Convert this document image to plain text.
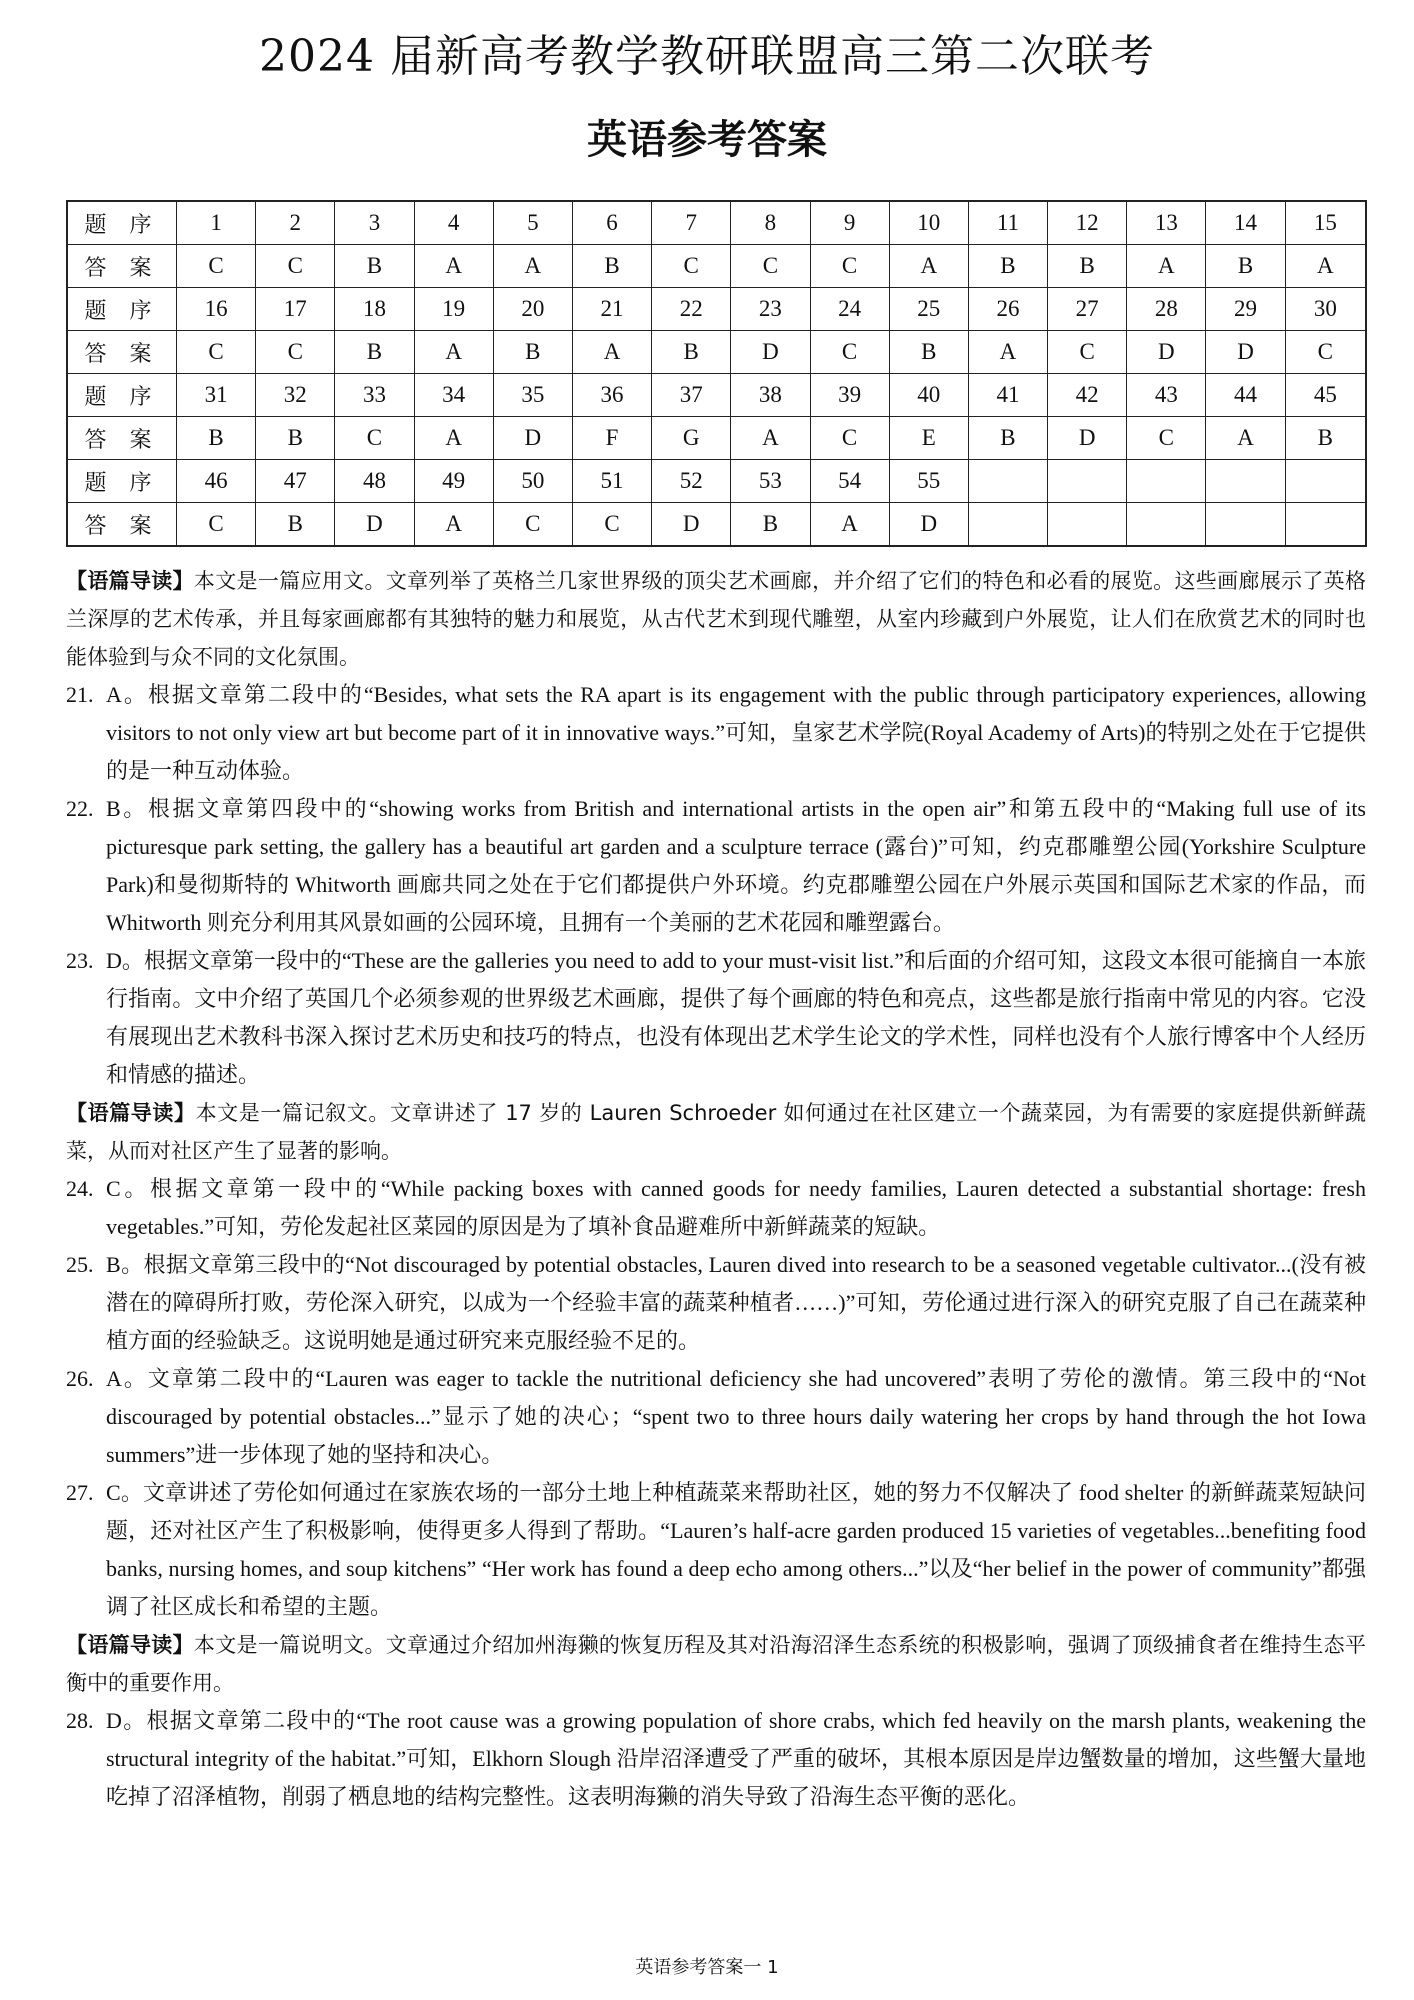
2024 届新高考教学教研联盟高三第二次联考
英语参考答案
题 序	1	2	3	4	5	6	7	8	9	10	11	12	13	14	15
答 案	C	C	B	A	A	B	C	C	C	A	B	B	A	B	A
题 序	16	17	18	19	20	21	22	23	24	25	26	27	28	29	30
答 案	C	C	B	A	B	A	B	D	C	B	A	C	D	D	C
题 序	31	32	33	34	35	36	37	38	39	40	41	42	43	44	45
答 案	B	B	C	A	D	F	G	A	C	E	B	D	C	A	B
题 序	46	47	48	49	50	51	52	53	54	55					
答 案	C	B	D	A	C	C	D	B	A	D					

【语篇导读】本文是一篇应用文。文章列举了英格兰几家世界级的顶尖艺术画廊，并介绍了它们的特色和必看的展览。这些画廊展示了英格兰深厚的艺术传承，并且每家画廊都有其独特的魅力和展览，从古代艺术到现代雕塑，从室内珍藏到户外展览，让人们在欣赏艺术的同时也能体验到与众不同的文化氛围。

21. A。根据文章第二段中的“Besides, what sets the RA apart is its engagement with the public through participatory experiences, allowing visitors to not only view art but become part of it in innovative ways.”可知，皇家艺术学院(Royal Academy of Arts)的特别之处在于它提供的是一种互动体验。

22. B。根据文章第四段中的“showing works from British and international artists in the open air”和第五段中的“Making full use of its picturesque park setting, the gallery has a beautiful art garden and a sculpture terrace (露台)”可知，约克郡雕塑公园(Yorkshire Sculpture Park)和曼彻斯特的 Whitworth 画廊共同之处在于它们都提供户外环境。约克郡雕塑公园在户外展示英国和国际艺术家的作品，而 Whitworth 则充分利用其风景如画的公园环境，且拥有一个美丽的艺术花园和雕塑露台。

23. D。根据文章第一段中的“These are the galleries you need to add to your must-visit list.”和后面的介绍可知，这段文本很可能摘自一本旅行指南。文中介绍了英国几个必须参观的世界级艺术画廊，提供了每个画廊的特色和亮点，这些都是旅行指南中常见的内容。它没有展现出艺术教科书深入探讨艺术历史和技巧的特点，也没有体现出艺术学生论文的学术性，同样也没有个人旅行博客中个人经历和情感的描述。

【语篇导读】本文是一篇记叙文。文章讲述了 17 岁的 Lauren Schroeder 如何通过在社区建立一个蔬菜园，为有需要的家庭提供新鲜蔬菜，从而对社区产生了显著的影响。

24. C。根据文章第一段中的“While packing boxes with canned goods for needy families, Lauren detected a substantial shortage: fresh vegetables.”可知，劳伦发起社区菜园的原因是为了填补食品避难所中新鲜蔬菜的短缺。

25. B。根据文章第三段中的“Not discouraged by potential obstacles, Lauren dived into research to be a seasoned vegetable cultivator...(没有被潜在的障碍所打败，劳伦深入研究，以成为一个经验丰富的蔬菜种植者……)”可知，劳伦通过进行深入的研究克服了自己在蔬菜种植方面的经验缺乏。这说明她是通过研究来克服经验不足的。

26. A。文章第二段中的“Lauren was eager to tackle the nutritional deficiency she had uncovered”表明了劳伦的激情。第三段中的“Not discouraged by potential obstacles...”显示了她的决心；“spent two to three hours daily watering her crops by hand through the hot Iowa summers”进一步体现了她的坚持和决心。

27. C。文章讲述了劳伦如何通过在家族农场的一部分土地上种植蔬菜来帮助社区，她的努力不仅解决了 food shelter 的新鲜蔬菜短缺问题，还对社区产生了积极影响，使得更多人得到了帮助。“Lauren’s half-acre garden produced 15 varieties of vegetables...benefiting food banks, nursing homes, and soup kitchens” “Her work has found a deep echo among others...”以及“her belief in the power of community”都强调了社区成长和希望的主题。

【语篇导读】本文是一篇说明文。文章通过介绍加州海獭的恢复历程及其对沿海沼泽生态系统的积极影响，强调了顶级捕食者在维持生态平衡中的重要作用。

28. D。根据文章第二段中的“The root cause was a growing population of shore crabs, which fed heavily on the marsh plants, weakening the structural integrity of the habitat.”可知，Elkhorn Slough 沿岸沼泽遭受了严重的破坏，其根本原因是岸边蟹数量的增加，这些蟹大量地吃掉了沼泽植物，削弱了栖息地的结构完整性。这表明海獭的消失导致了沿海生态平衡的恶化。

英语参考答案一 1
